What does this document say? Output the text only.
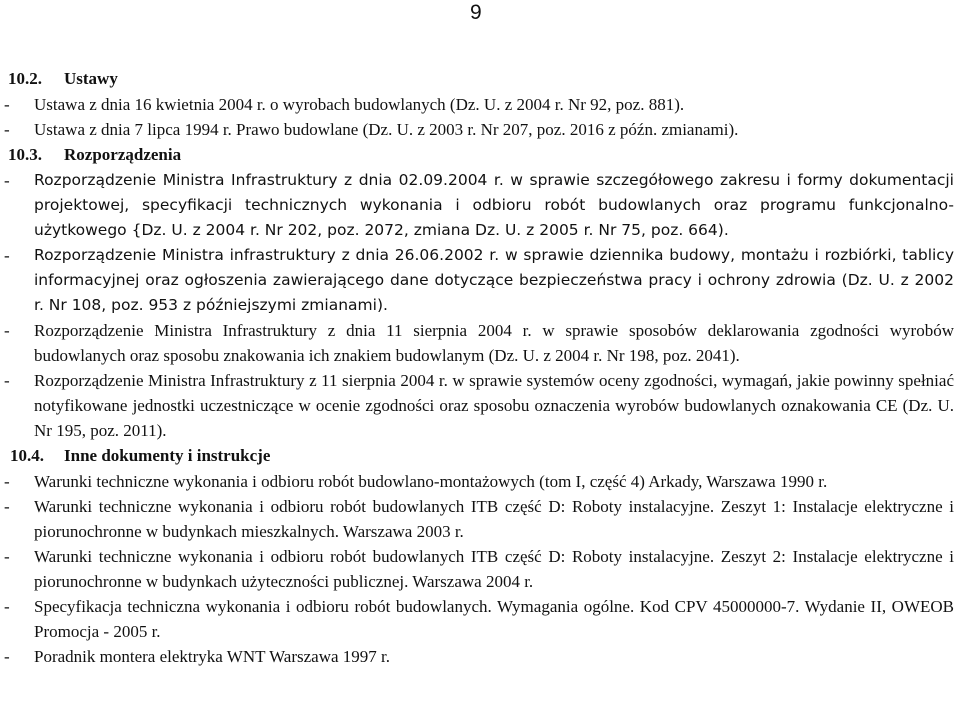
9
10.2. Ustawy
- Ustawa z dnia 16 kwietnia 2004 r. o wyrobach budowlanych (Dz. U. z 2004 r. Nr 92, poz. 881).
- Ustawa z dnia 7 lipca 1994 r. Prawo budowlane (Dz. U. z 2003 r. Nr 207, poz. 2016 z późn. zmianami).
10.3. Rozporządzenia
- Rozporządzenie Ministra Infrastruktury z dnia 02.09.2004 r. w sprawie szczegółowego zakresu i formy dokumentacji projektowej, specyfikacji technicznych wykonania i odbioru robót budowlanych oraz programu funkcjonalno-użytkowego {Dz. U. z 2004 r. Nr 202, poz. 2072, zmiana Dz. U. z 2005 r. Nr 75, poz. 664).
- Rozporządzenie Ministra infrastruktury z dnia 26.06.2002 r. w sprawie dziennika budowy, montażu i rozbiórki, tablicy informacyjnej oraz ogłoszenia zawierającego dane dotyczące bezpieczeństwa pracy i ochrony zdrowia (Dz. U. z 2002 r. Nr 108, poz. 953 z późniejszymi zmianami).
- Rozporządzenie Ministra Infrastruktury z dnia 11 sierpnia 2004 r. w sprawie sposobów deklarowania zgodności wyrobów budowlanych oraz sposobu znakowania ich znakiem budowlanym (Dz. U. z 2004 r. Nr 198, poz. 2041).
- Rozporządzenie Ministra Infrastruktury z 11 sierpnia 2004 r. w sprawie systemów oceny zgodności, wymagań, jakie powinny spełniać notyfikowane jednostki uczestniczące w ocenie zgodności oraz sposobu oznaczenia wyrobów budowlanych oznakowania CE (Dz. U. Nr 195, poz. 2011).
10.4. Inne dokumenty i instrukcje
- Warunki techniczne wykonania i odbioru robót budowlano-montażowych (tom I, część 4) Arkady, Warszawa 1990 r.
- Warunki techniczne wykonania i odbioru robót budowlanych ITB część D: Roboty instalacyjne. Zeszyt 1: Instalacje elektryczne i piorunochronne w budynkach mieszkalnych. Warszawa 2003 r.
- Warunki techniczne wykonania i odbioru robót budowlanych ITB część D: Roboty instalacyjne. Zeszyt 2: Instalacje elektryczne i piorunochronne w budynkach użyteczności publicznej. Warszawa 2004 r.
- Specyfikacja techniczna wykonania i odbioru robót budowlanych. Wymagania ogólne. Kod CPV 45000000-7. Wydanie II, OWEOB Promocja - 2005 r.
- Poradnik montera elektryka WNT Warszawa 1997 r.
